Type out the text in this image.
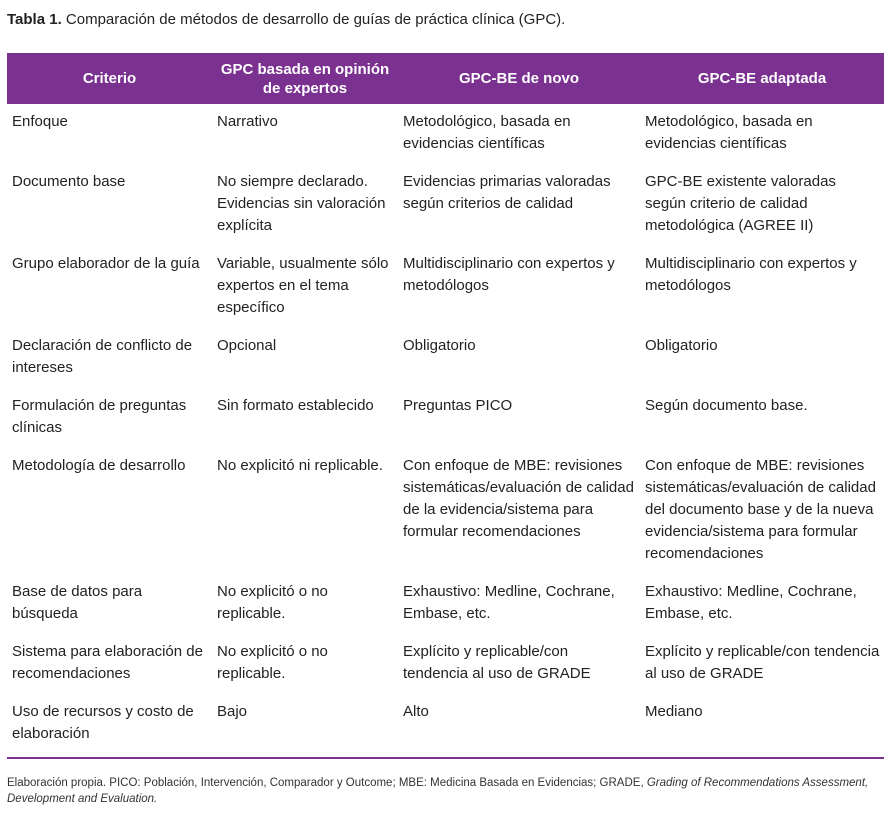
Tabla 1. Comparación de métodos de desarrollo de guías de práctica clínica (GPC).
Criterio	GPC basada en opinión de expertos	GPC-BE de novo	GPC-BE adaptada
Enfoque	Narrativo	Metodológico, basada en evidencias científicas	Metodológico, basada en evidencias científicas
Documento base	No siempre declarado. Evidencias sin valoración explícita	Evidencias primarias valoradas según criterios de calidad	GPC-BE existente valoradas según criterio de calidad metodológica (AGREE II)
Grupo elaborador de la guía	Variable, usualmente sólo expertos en el tema específico	Multidisciplinario con expertos y metodólogos	Multidisciplinario con expertos y metodólogos
Declaración de conflicto de intereses	Opcional	Obligatorio	Obligatorio
Formulación de preguntas clínicas	Sin formato establecido	Preguntas PICO	Según documento base.
Metodología de desarrollo	No explicitó ni replicable.	Con enfoque de MBE: revisiones sistemáticas/evaluación de calidad de la evidencia/sistema para formular recomendaciones	Con enfoque de MBE: revisiones sistemáticas/evaluación de calidad del documento base y de la nueva evidencia/sistema para formular recomendaciones
Base de datos para búsqueda	No explicitó o no replicable.	Exhaustivo: Medline, Cochrane, Embase, etc.	Exhaustivo: Medline, Cochrane, Embase, etc.
Sistema para elaboración de recomendaciones	No explicitó o no replicable.	Explícito y replicable/con tendencia al uso de GRADE	Explícito y replicable/con tendencia al uso de GRADE
Uso de recursos y costo de elaboración	Bajo	Alto	Mediano
Elaboración propia. PICO: Población, Intervención, Comparador y Outcome; MBE: Medicina Basada en Evidencias; GRADE, Grading of Recommendations Assessment, Development and Evaluation.
